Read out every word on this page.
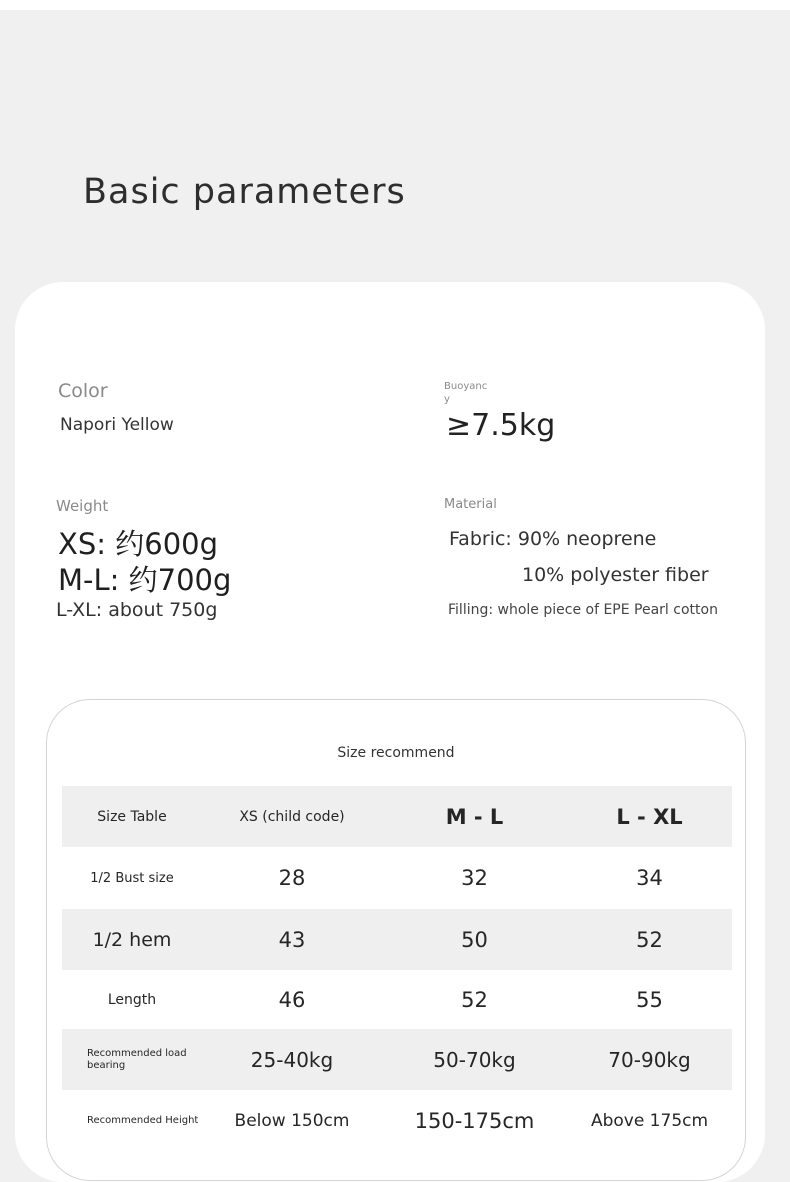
Basic parameters
Color
Napori Yellow
Buoyanc
y
≥7.5kg
Weight
XS: 约600g
M-L: 约700g
L-XL: about 750g
Material
Fabric: 90% neoprene
10% polyester fiber
Filling: whole piece of EPE Pearl cotton
Size recommend
Size Table	XS (child code)	M - L	L - XL
1/2 Bust size	28	32	34
1/2 hem	43	50	52
Length	46	52	55
Recommended load bearing	25-40kg	50-70kg	70-90kg
Recommended Height	Below 150cm	150-175cm	Above 175cm
